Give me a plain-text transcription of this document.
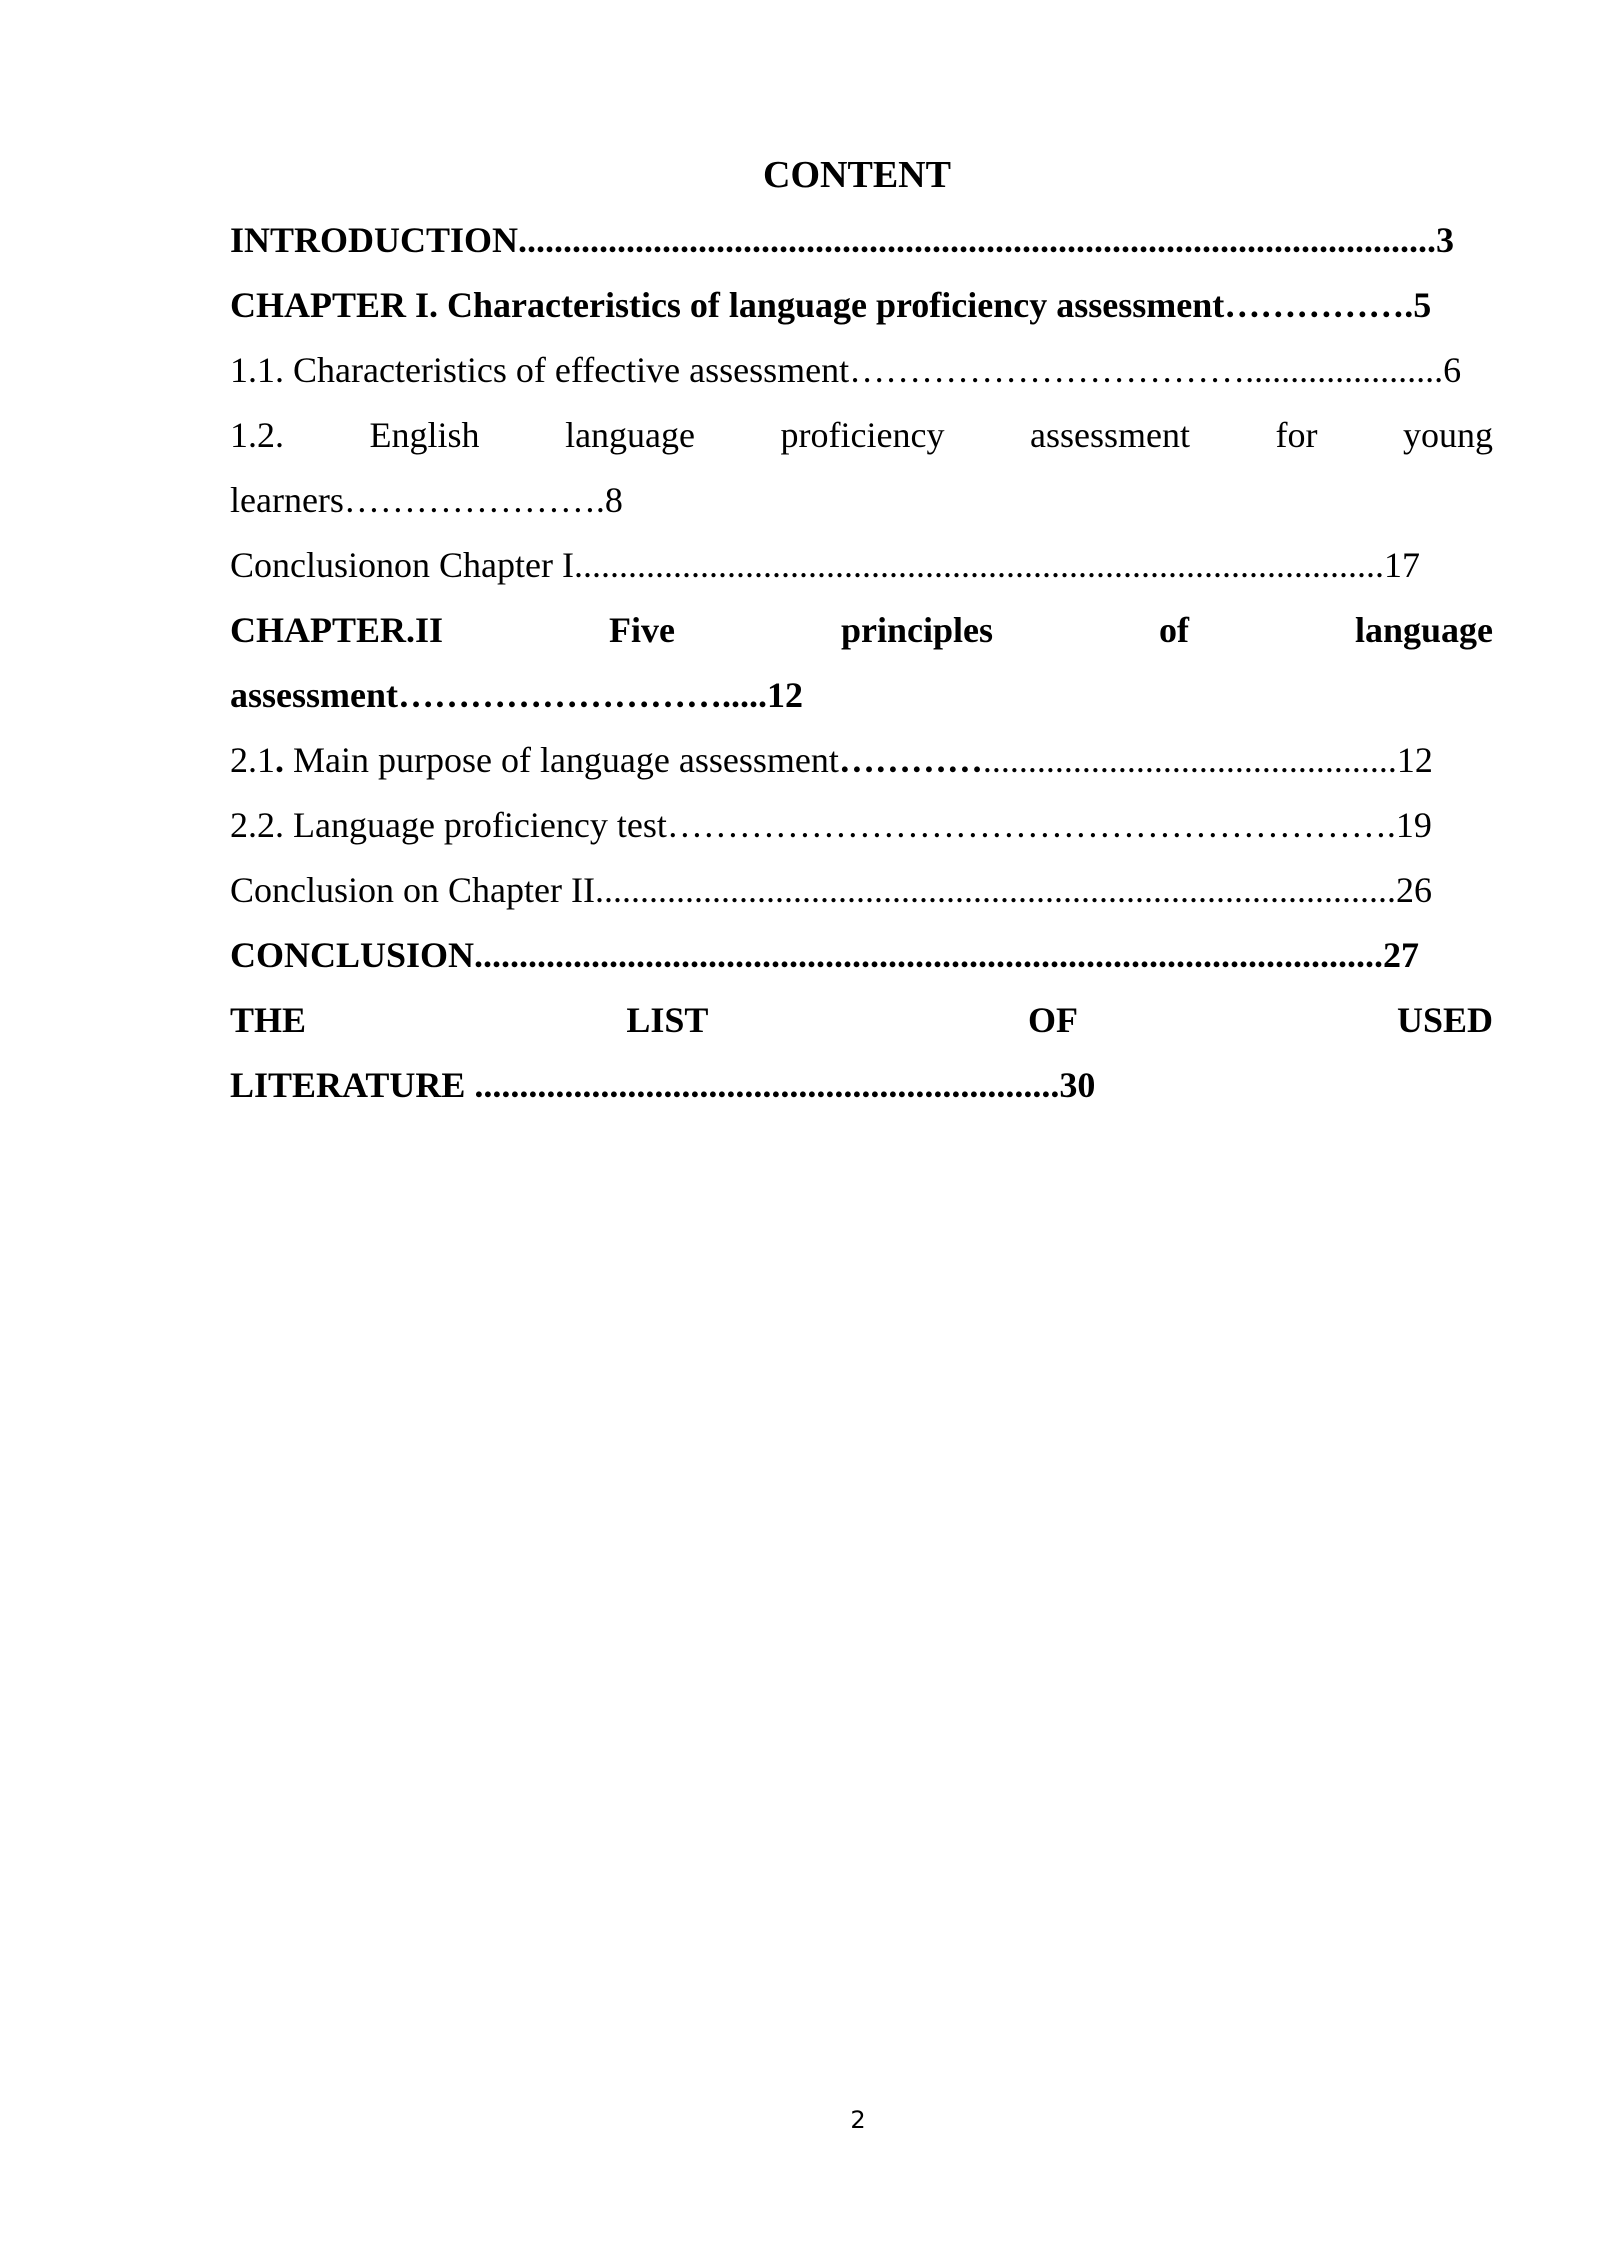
CONTENT
INTRODUCTION......................................................................................................3
CHAPTER I. Characteristics of language proficiency assessment…………….5
1.1. Characteristics of effective assessment……………………………......................6
1.2. English language proficiency assessment for young
learners………………….8
Conclusionon Chapter I..........................................................................................17
CHAPTER.II Five principles of language
assessment……………………….....12
2.1. Main purpose of language assessment…………..............................................12
2.2. Language proficiency test…………………………………………………….19
Conclusion on Chapter II.........................................................................................26
CONCLUSION.....................................................................................................27
THE LIST OF USED
LITERATURE .................................................................30
2
